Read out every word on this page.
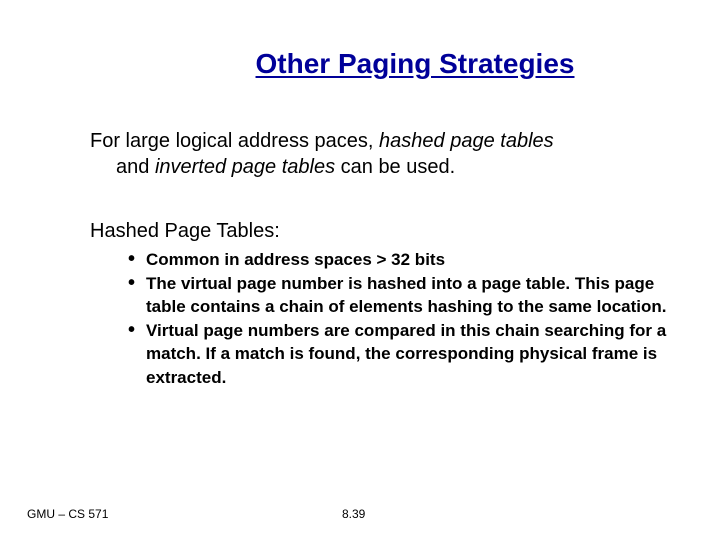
Other Paging Strategies

For large logical address paces, hashed page tables
and inverted page tables can be used.

Hashed Page Tables:

• Common in address spaces > 32 bits
• The virtual page number is hashed into a page table. This page table contains a chain of elements hashing to the same location.
• Virtual page numbers are compared in this chain searching for a match. If a match is found, the corresponding physical frame is extracted.

GMU – CS 571	8.39
